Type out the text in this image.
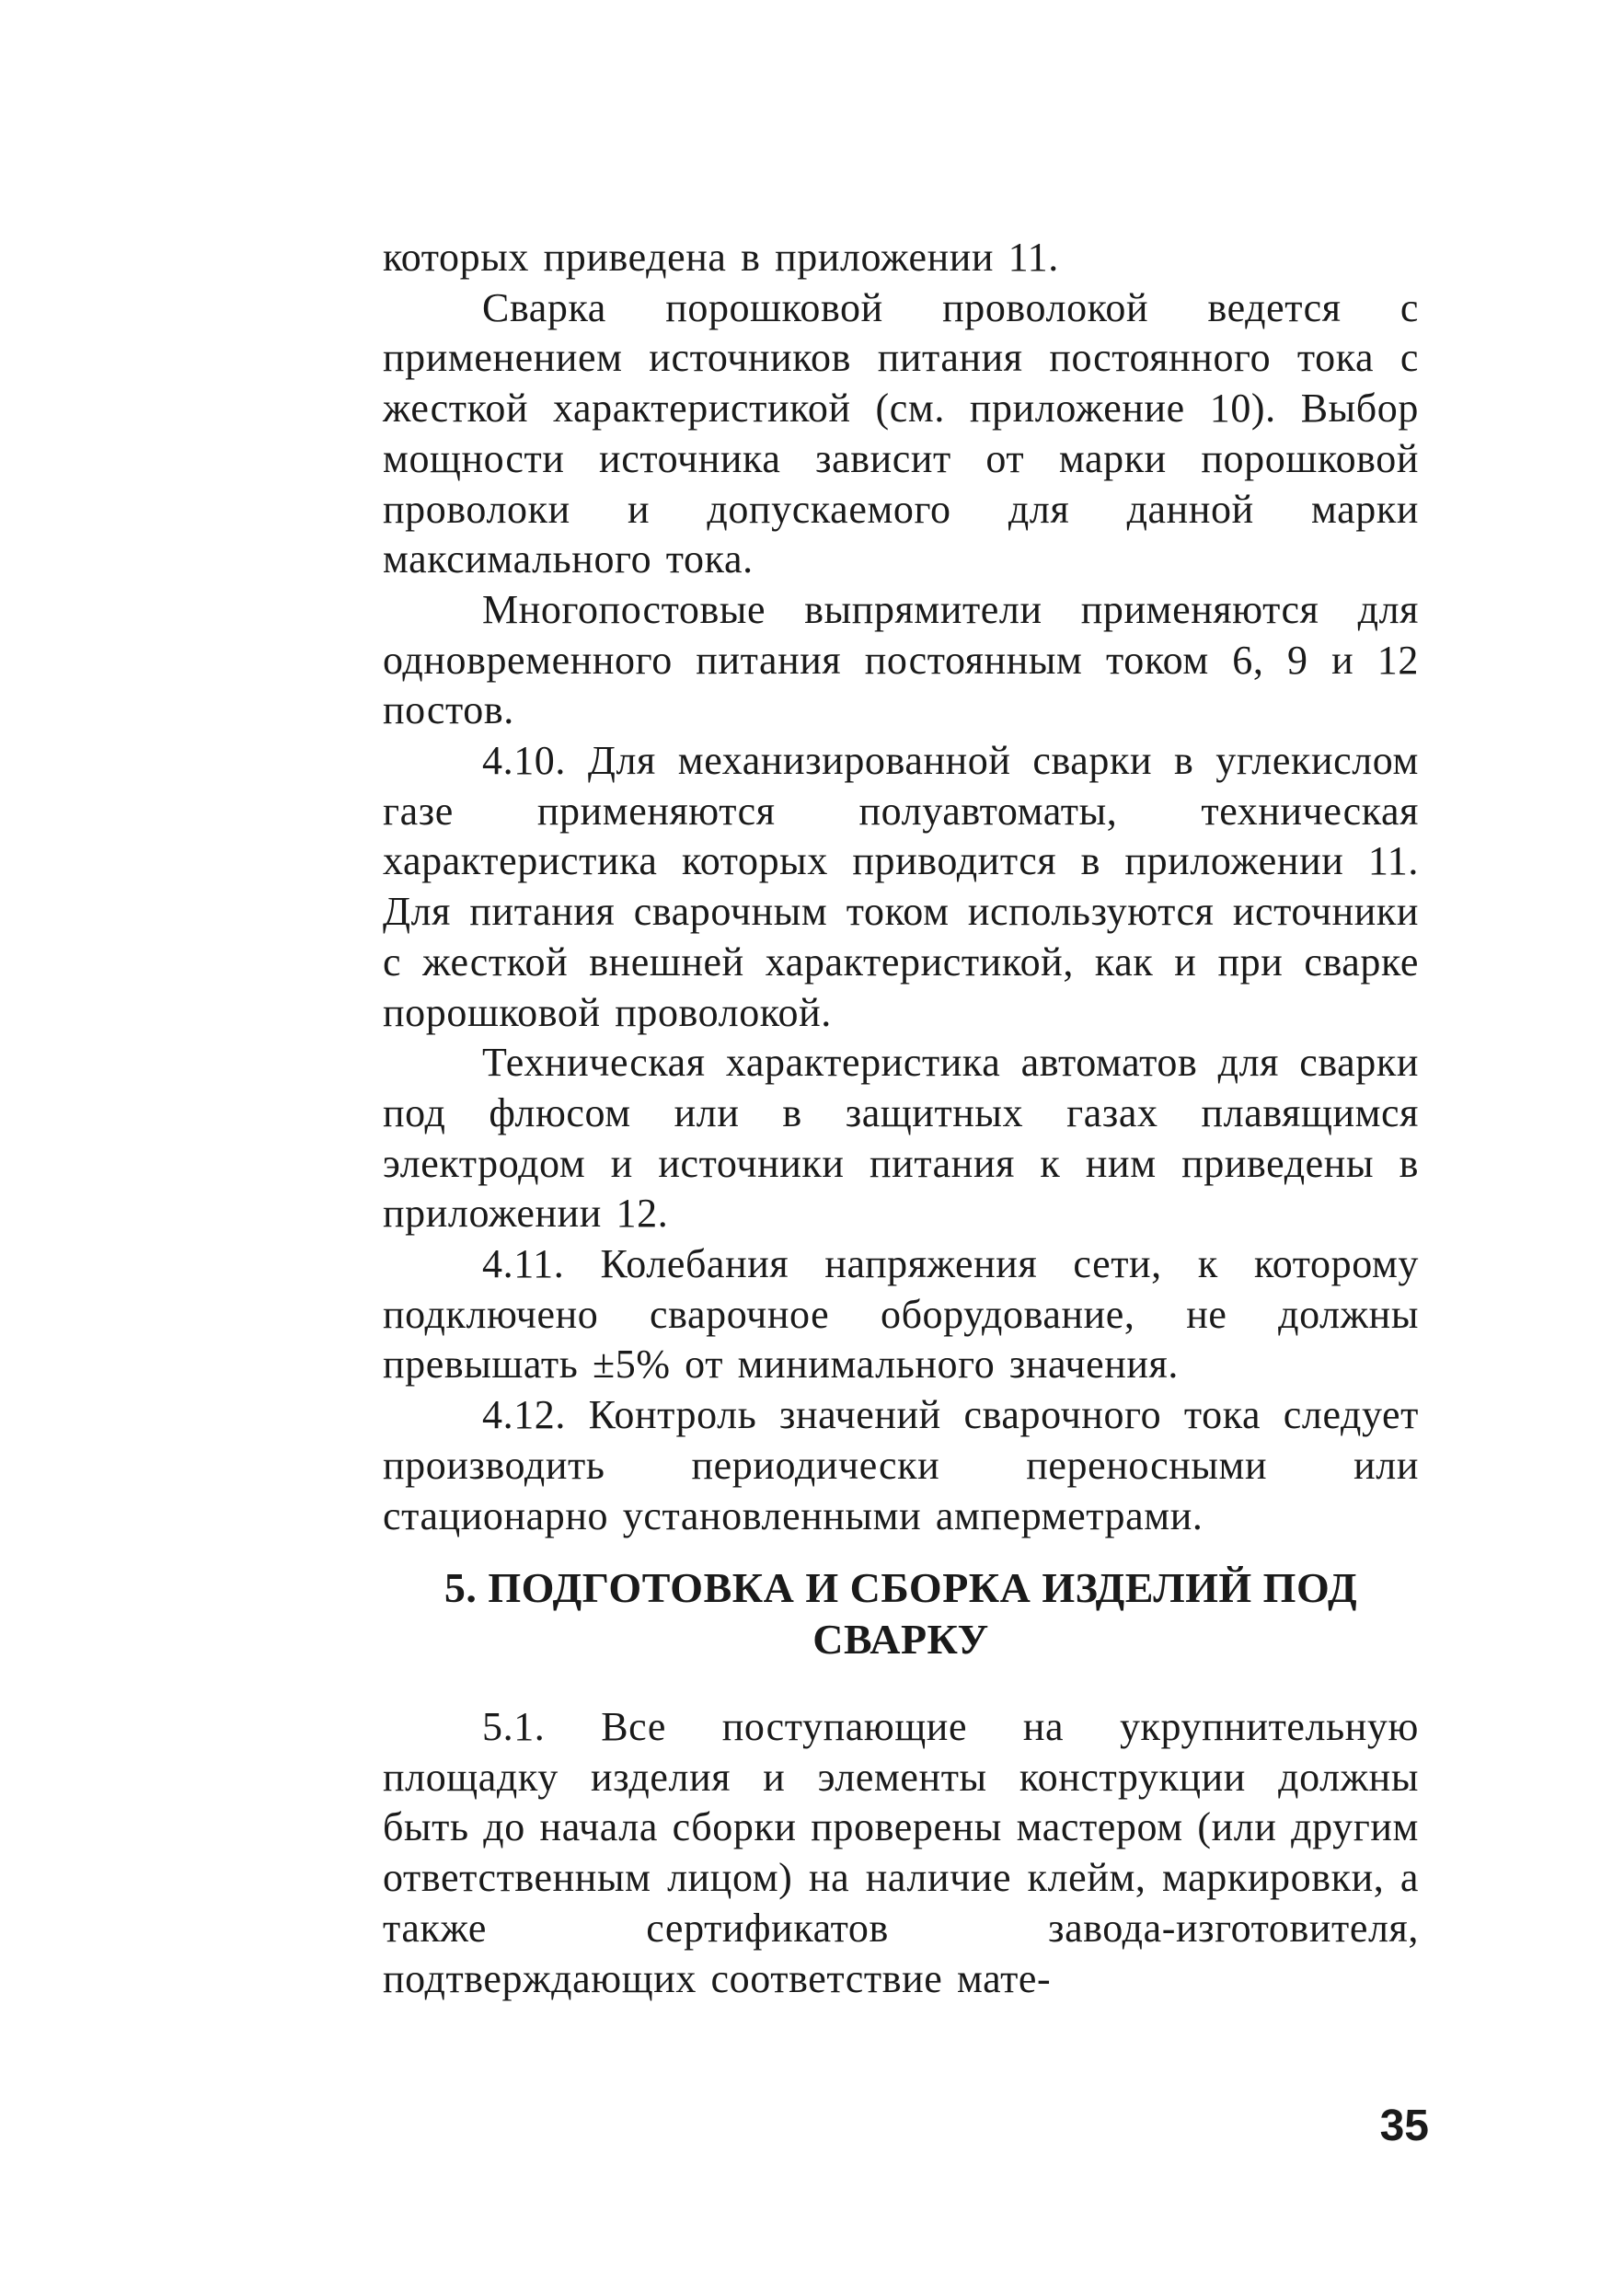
которых приведена в приложении 11.

Сварка порошковой проволокой ведется с применением источников питания постоянного тока с жесткой характеристикой (см. приложение 10). Выбор мощности источника зависит от марки порошковой проволоки и допускаемого для данной марки максимального тока.

Многопостовые выпрямители применяются для одновременного питания постоянным током 6, 9 и 12 постов.

4.10. Для механизированной сварки в углекислом газе применяются полуавтоматы, техническая характеристика которых приводится в приложении 11. Для питания сварочным током используются источники с жесткой внешней характеристикой, как и при сварке порошковой проволокой.

Техническая характеристика автоматов для сварки под флюсом или в защитных газах плавящимся электродом и источники питания к ним приведены в приложении 12.

4.11. Колебания напряжения сети, к которому подключено сварочное оборудование, не должны превышать ±5% от минимального значения.

4.12. Контроль значений сварочного тока следует производить периодически переносными или стационарно установленными амперметрами.

5. ПОДГОТОВКА И СБОРКА ИЗДЕЛИЙ ПОД
СВАРКУ

5.1. Все поступающие на укрупнительную площадку изделия и элементы конструкции должны быть до начала сборки проверены мастером (или другим ответственным лицом) на наличие клейм, маркировки, а также сертификатов завода-изготовителя, подтверждающих соответствие мате-

35
